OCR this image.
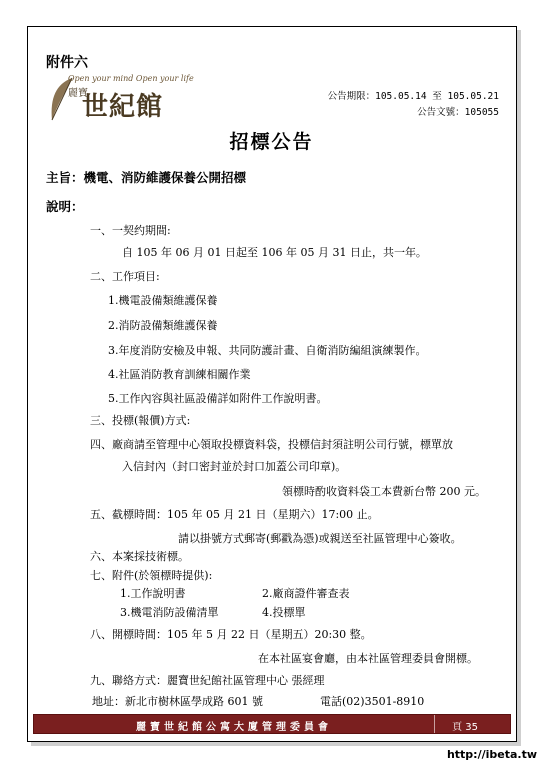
附件六
Open your mind Open your life
麗寶
世紀館	公告期限：105.05.14 至 105.05.21
公告文號：105055
招標公告
主旨：機電、消防維護保養公開招標
說明：
一、一契约期間:
自 105 年 06 月 01 日起至 106 年 05 月 31 日止，共一年。
二、工作項目:
1.機電設備類維護保養
2.消防設備類維護保養
3.年度消防安檢及申報、共同防護計畫、自衛消防編組演練製作。
4.社區消防教育訓練相關作業
5.工作內容與社區設備詳如附件工作說明書。
三、投標(報價)方式:
四、廠商請至管理中心領取投標資料袋，投標信封須註明公司行號，標單放
入信封內（封口密封並於封口加蓋公司印章)。
領標時酌收資料袋工本費新台幣 200 元。
五、截標時間：105 年 05 月 21 日（星期六）17:00 止。
請以掛號方式郵寄(郵戳為憑)或親送至社區管理中心簽收。
六、本案採技術標。
七、附件(於領標時提供):
1.工作說明書	2.廠商證件審查表
3.機電消防設備清單	4.投標單
八、開標時間：105 年 5 月 22 日（星期五）20:30 整。
在本社區宴會廳，由本社區管理委員會開標。
九、聯絡方式：麗寶世紀館社區管理中心 張經理
地址：新北市樹林區學成路 601 號	電話(02)3501-8910
麗寶世紀館公寓大廈管理委員會	頁 35
http://ibeta.tw
